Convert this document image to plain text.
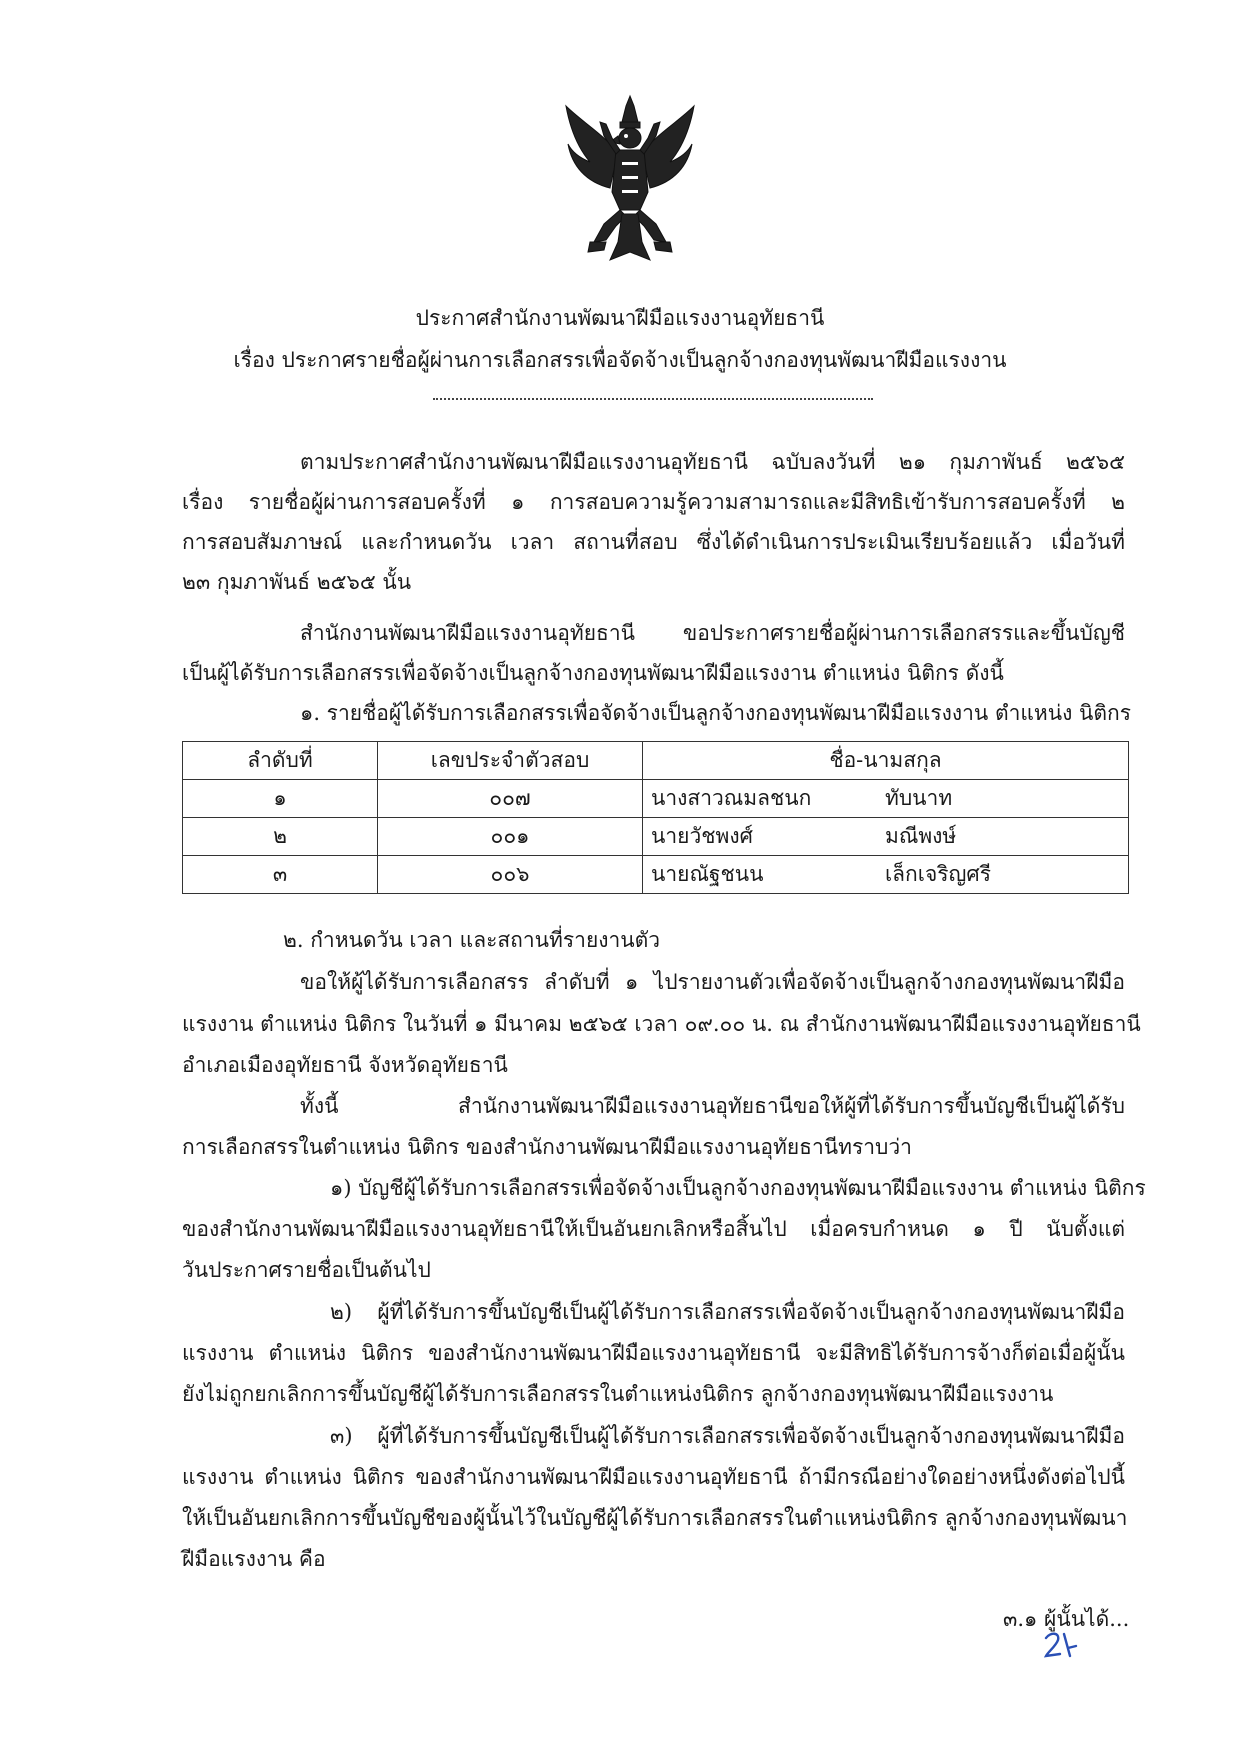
ประกาศสำนักงานพัฒนาฝีมือแรงงานอุทัยธานี
เรื่อง ประกาศรายชื่อผู้ผ่านการเลือกสรรเพื่อจัดจ้างเป็นลูกจ้างกองทุนพัฒนาฝีมือแรงงาน
ตามประกาศสำนักงานพัฒนาฝีมือแรงงานอุทัยธานี ฉบับลงวันที่ ๒๑ กุมภาพันธ์ ๒๕๖๕
เรื่อง รายชื่อผู้ผ่านการสอบครั้งที่ ๑ การสอบความรู้ความสามารถและมีสิทธิเข้ารับการสอบครั้งที่ ๒
การสอบสัมภาษณ์ และกำหนดวัน เวลา สถานที่สอบ ซึ่งได้ดำเนินการประเมินเรียบร้อยแล้ว เมื่อวันที่
๒๓ กุมภาพันธ์ ๒๕๖๕ นั้น
สำนักงานพัฒนาฝีมือแรงงานอุทัยธานี ขอประกาศรายชื่อผู้ผ่านการเลือกสรรและขึ้นบัญชี
เป็นผู้ได้รับการเลือกสรรเพื่อจัดจ้างเป็นลูกจ้างกองทุนพัฒนาฝีมือแรงงาน ตำแหน่ง นิติกร ดังนี้
๑. รายชื่อผู้ได้รับการเลือกสรรเพื่อจัดจ้างเป็นลูกจ้างกองทุนพัฒนาฝีมือแรงงาน ตำแหน่ง นิติกร
ลำดับที่	เลขประจำตัวสอบ	ชื่อ-นามสกุล
๑	๐๐๗	นางสาวณมลชนก ทับนาท
๒	๐๐๑	นายวัชพงศ์ มณีพงษ์
๓	๐๐๖	นายณัฐชนน เล็กเจริญศรี
๒. กำหนดวัน เวลา และสถานที่รายงานตัว
ขอให้ผู้ได้รับการเลือกสรร ลำดับที่ ๑ ไปรายงานตัวเพื่อจัดจ้างเป็นลูกจ้างกองทุนพัฒนาฝีมือ
แรงงาน ตำแหน่ง นิติกร ในวันที่ ๑ มีนาคม ๒๕๖๕ เวลา ๐๙.๐๐ น. ณ สำนักงานพัฒนาฝีมือแรงงานอุทัยธานี
อำเภอเมืองอุทัยธานี จังหวัดอุทัยธานี
ทั้งนี้ สำนักงานพัฒนาฝีมือแรงงานอุทัยธานีขอให้ผู้ที่ได้รับการขึ้นบัญชีเป็นผู้ได้รับ
การเลือกสรรในตำแหน่ง นิติกร ของสำนักงานพัฒนาฝีมือแรงงานอุทัยธานีทราบว่า
๑) บัญชีผู้ได้รับการเลือกสรรเพื่อจัดจ้างเป็นลูกจ้างกองทุนพัฒนาฝีมือแรงงาน ตำแหน่ง นิติกร
ของสำนักงานพัฒนาฝีมือแรงงานอุทัยธานีให้เป็นอันยกเลิกหรือสิ้นไป เมื่อครบกำหนด ๑ ปี นับตั้งแต่
วันประกาศรายชื่อเป็นต้นไป
๒) ผู้ที่ได้รับการขึ้นบัญชีเป็นผู้ได้รับการเลือกสรรเพื่อจัดจ้างเป็นลูกจ้างกองทุนพัฒนาฝีมือ
แรงงาน ตำแหน่ง นิติกร ของสำนักงานพัฒนาฝีมือแรงงานอุทัยธานี จะมีสิทธิได้รับการจ้างก็ต่อเมื่อผู้นั้น
ยังไม่ถูกยกเลิกการขึ้นบัญชีผู้ได้รับการเลือกสรรในตำแหน่งนิติกร ลูกจ้างกองทุนพัฒนาฝีมือแรงงาน
๓) ผู้ที่ได้รับการขึ้นบัญชีเป็นผู้ได้รับการเลือกสรรเพื่อจัดจ้างเป็นลูกจ้างกองทุนพัฒนาฝีมือ
แรงงาน ตำแหน่ง นิติกร ของสำนักงานพัฒนาฝีมือแรงงานอุทัยธานี ถ้ามีกรณีอย่างใดอย่างหนึ่งดังต่อไปนี้
ให้เป็นอันยกเลิกการขึ้นบัญชีของผู้นั้นไว้ในบัญชีผู้ได้รับการเลือกสรรในตำแหน่งนิติกร ลูกจ้างกองทุนพัฒนา
ฝีมือแรงงาน คือ
๓.๑ ผู้นั้นได้...
